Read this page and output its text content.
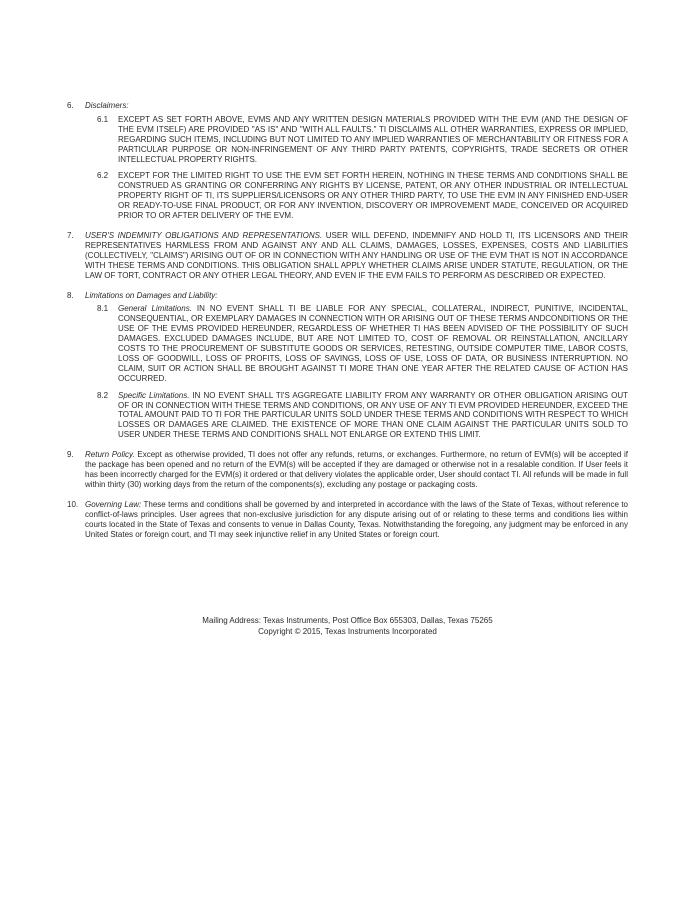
6.	Disclaimers:
6.1	EXCEPT AS SET FORTH ABOVE, EVMS AND ANY WRITTEN DESIGN MATERIALS PROVIDED WITH THE EVM (AND THE DESIGN OF THE EVM ITSELF) ARE PROVIDED "AS IS" AND "WITH ALL FAULTS." TI DISCLAIMS ALL OTHER WARRANTIES, EXPRESS OR IMPLIED, REGARDING SUCH ITEMS, INCLUDING BUT NOT LIMITED TO ANY IMPLIED WARRANTIES OF MERCHANTABILITY OR FITNESS FOR A PARTICULAR PURPOSE OR NON-INFRINGEMENT OF ANY THIRD PARTY PATENTS, COPYRIGHTS, TRADE SECRETS OR OTHER INTELLECTUAL PROPERTY RIGHTS.
6.2	EXCEPT FOR THE LIMITED RIGHT TO USE THE EVM SET FORTH HEREIN, NOTHING IN THESE TERMS AND CONDITIONS SHALL BE CONSTRUED AS GRANTING OR CONFERRING ANY RIGHTS BY LICENSE, PATENT, OR ANY OTHER INDUSTRIAL OR INTELLECTUAL PROPERTY RIGHT OF TI, ITS SUPPLIERS/LICENSORS OR ANY OTHER THIRD PARTY, TO USE THE EVM IN ANY FINISHED END-USER OR READY-TO-USE FINAL PRODUCT, OR FOR ANY INVENTION, DISCOVERY OR IMPROVEMENT MADE, CONCEIVED OR ACQUIRED PRIOR TO OR AFTER DELIVERY OF THE EVM.
7.	USER'S INDEMNITY OBLIGATIONS AND REPRESENTATIONS. USER WILL DEFEND, INDEMNIFY AND HOLD TI, ITS LICENSORS AND THEIR REPRESENTATIVES HARMLESS FROM AND AGAINST ANY AND ALL CLAIMS, DAMAGES, LOSSES, EXPENSES, COSTS AND LIABILITIES (COLLECTIVELY, "CLAIMS") ARISING OUT OF OR IN CONNECTION WITH ANY HANDLING OR USE OF THE EVM THAT IS NOT IN ACCORDANCE WITH THESE TERMS AND CONDITIONS. THIS OBLIGATION SHALL APPLY WHETHER CLAIMS ARISE UNDER STATUTE, REGULATION, OR THE LAW OF TORT, CONTRACT OR ANY OTHER LEGAL THEORY, AND EVEN IF THE EVM FAILS TO PERFORM AS DESCRIBED OR EXPECTED.
8.	Limitations on Damages and Liability:
8.1	General Limitations. IN NO EVENT SHALL TI BE LIABLE FOR ANY SPECIAL, COLLATERAL, INDIRECT, PUNITIVE, INCIDENTAL, CONSEQUENTIAL, OR EXEMPLARY DAMAGES IN CONNECTION WITH OR ARISING OUT OF THESE TERMS ANDCONDITIONS OR THE USE OF THE EVMS PROVIDED HEREUNDER, REGARDLESS OF WHETHER TI HAS BEEN ADVISED OF THE POSSIBILITY OF SUCH DAMAGES. EXCLUDED DAMAGES INCLUDE, BUT ARE NOT LIMITED TO, COST OF REMOVAL OR REINSTALLATION, ANCILLARY COSTS TO THE PROCUREMENT OF SUBSTITUTE GOODS OR SERVICES, RETESTING, OUTSIDE COMPUTER TIME, LABOR COSTS, LOSS OF GOODWILL, LOSS OF PROFITS, LOSS OF SAVINGS, LOSS OF USE, LOSS OF DATA, OR BUSINESS INTERRUPTION. NO CLAIM, SUIT OR ACTION SHALL BE BROUGHT AGAINST TI MORE THAN ONE YEAR AFTER THE RELATED CAUSE OF ACTION HAS OCCURRED.
8.2	Specific Limitations. IN NO EVENT SHALL TI'S AGGREGATE LIABILITY FROM ANY WARRANTY OR OTHER OBLIGATION ARISING OUT OF OR IN CONNECTION WITH THESE TERMS AND CONDITIONS, OR ANY USE OF ANY TI EVM PROVIDED HEREUNDER, EXCEED THE TOTAL AMOUNT PAID TO TI FOR THE PARTICULAR UNITS SOLD UNDER THESE TERMS AND CONDITIONS WITH RESPECT TO WHICH LOSSES OR DAMAGES ARE CLAIMED. THE EXISTENCE OF MORE THAN ONE CLAIM AGAINST THE PARTICULAR UNITS SOLD TO USER UNDER THESE TERMS AND CONDITIONS SHALL NOT ENLARGE OR EXTEND THIS LIMIT.
9.	Return Policy. Except as otherwise provided, TI does not offer any refunds, returns, or exchanges. Furthermore, no return of EVM(s) will be accepted if the package has been opened and no return of the EVM(s) will be accepted if they are damaged or otherwise not in a resalable condition. If User feels it has been incorrectly charged for the EVM(s) it ordered or that delivery violates the applicable order, User should contact TI. All refunds will be made in full within thirty (30) working days from the return of the components(s), excluding any postage or packaging costs.
10. Governing Law: These terms and conditions shall be governed by and interpreted in accordance with the laws of the State of Texas, without reference to conflict-of-laws principles. User agrees that non-exclusive jurisdiction for any dispute arising out of or relating to these terms and conditions lies within courts located in the State of Texas and consents to venue in Dallas County, Texas. Notwithstanding the foregoing, any judgment may be enforced in any United States or foreign court, and TI may seek injunctive relief in any United States or foreign court.
Mailing Address: Texas Instruments, Post Office Box 655303, Dallas, Texas 75265
Copyright © 2015, Texas Instruments Incorporated
